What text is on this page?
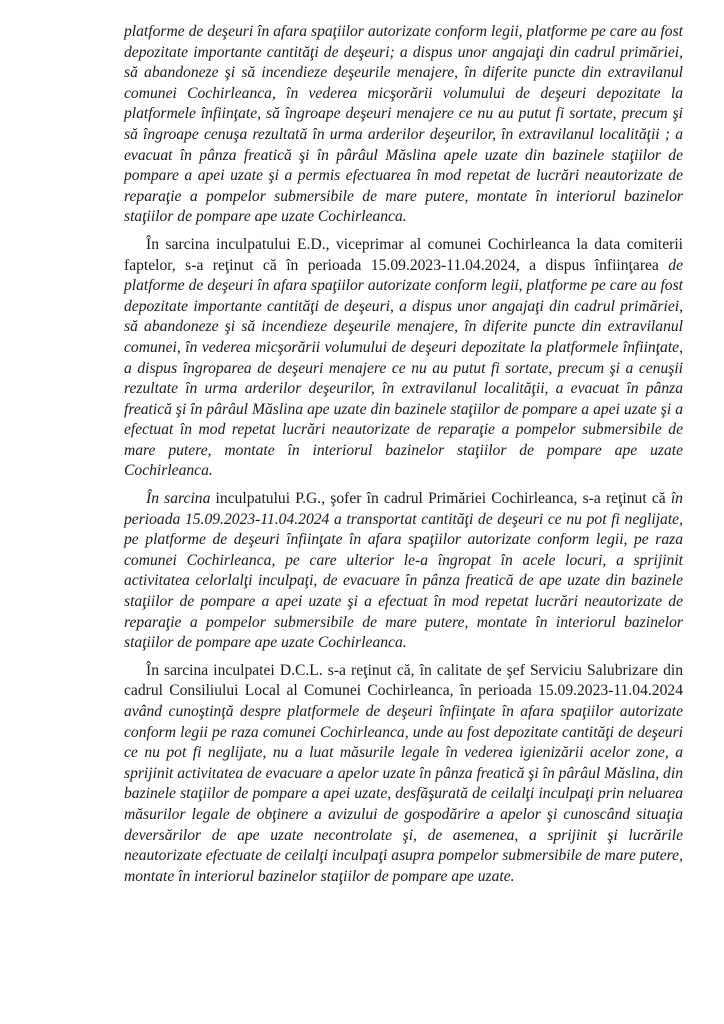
platforme de deşeuri în afara spaţiilor autorizate conform legii, platforme pe care au fost depozitate importante cantităţi de deşeuri; a dispus unor angajaţi din cadrul primăriei, să abandoneze şi să incendieze deşeurile menajere, în diferite puncte din extravilanul comunei Cochirleanca, în vederea micşorării volumului de deşeuri depozitate la platformele înfiinţate, să îngroape deşeuri menajere ce nu au putut fi sortate, precum şi să îngroape cenuşa rezultată în urma arderilor deşeurilor, în extravilanul localităţii ; a evacuat în pânza freatică şi în pârâul Măslina apele uzate din bazinele staţiilor de pompare a apei uzate şi a permis efectuarea în mod repetat de lucrări neautorizate de reparaţie a pompelor submersibile de mare putere, montate în interiorul bazinelor staţiilor de pompare ape uzate Cochirleanca.

În sarcina inculpatului E.D., viceprimar al comunei Cochirleanca la data comiterii faptelor, s-a reţinut că în perioada 15.09.2023-11.04.2024, a dispus înfiinţarea de platforme de deşeuri în afara spaţiilor autorizate conform legii, platforme pe care au fost depozitate importante cantităţi de deşeuri, a dispus unor angajaţi din cadrul primăriei, să abandoneze şi să incendieze deşeurile menajere, în diferite puncte din extravilanul comunei, în vederea micşorării volumului de deşeuri depozitate la platformele înfiinţate, a dispus îngroparea de deşeuri menajere ce nu au putut fi sortate, precum şi a cenuşii rezultate în urma arderilor deşeurilor, în extravilanul localităţii, a evacuat în pânza freatică şi în pârâul Măslina ape uzate din bazinele staţiilor de pompare a apei uzate şi a efectuat în mod repetat lucrări neautorizate de reparaţie a pompelor submersibile de mare putere, montate în interiorul bazinelor staţiilor de pompare ape uzate Cochirleanca.

În sarcina inculpatului P.G., şofer în cadrul Primăriei Cochirleanca, s-a reţinut că în perioada 15.09.2023-11.04.2024 a transportat cantităţi de deşeuri ce nu pot fi neglijate, pe platforme de deşeuri înfiinţate în afara spaţiilor autorizate conform legii, pe raza comunei Cochirleanca, pe care ulterior le-a îngropat în acele locuri, a sprijinit activitatea celorlalţi inculpaţi, de evacuare în pânza freatică de ape uzate din bazinele staţiilor de pompare a apei uzate şi a efectuat în mod repetat lucrări neautorizate de reparaţie a pompelor submersibile de mare putere, montate în interiorul bazinelor staţiilor de pompare ape uzate Cochirleanca.

În sarcina inculpatei D.C.L. s-a reţinut că, în calitate de şef Serviciu Salubrizare din cadrul Consiliului Local al Comunei Cochirleanca, în perioada 15.09.2023-11.04.2024 având cunoştinţă despre platformele de deşeuri înfiinţate în afara spaţiilor autorizate conform legii pe raza comunei Cochirleanca, unde au fost depozitate cantităţi de deşeuri ce nu pot fi neglijate, nu a luat măsurile legale în vederea igienizării acelor zone, a sprijinit activitatea de evacuare a apelor uzate în pânza freatică şi în pârâul Măslina, din bazinele staţiilor de pompare a apei uzate, desfăşurată de ceilalţi inculpaţi prin neluarea măsurilor legale de obţinere a avizului de gospodărire a apelor şi cunoscând situaţia deversărilor de ape uzate necontrolate şi, de asemenea, a sprijinit şi lucrările neautorizate efectuate de ceilalţi inculpaţi asupra pompelor submersibile de mare putere, montate în interiorul bazinelor staţiilor de pompare ape uzate.
